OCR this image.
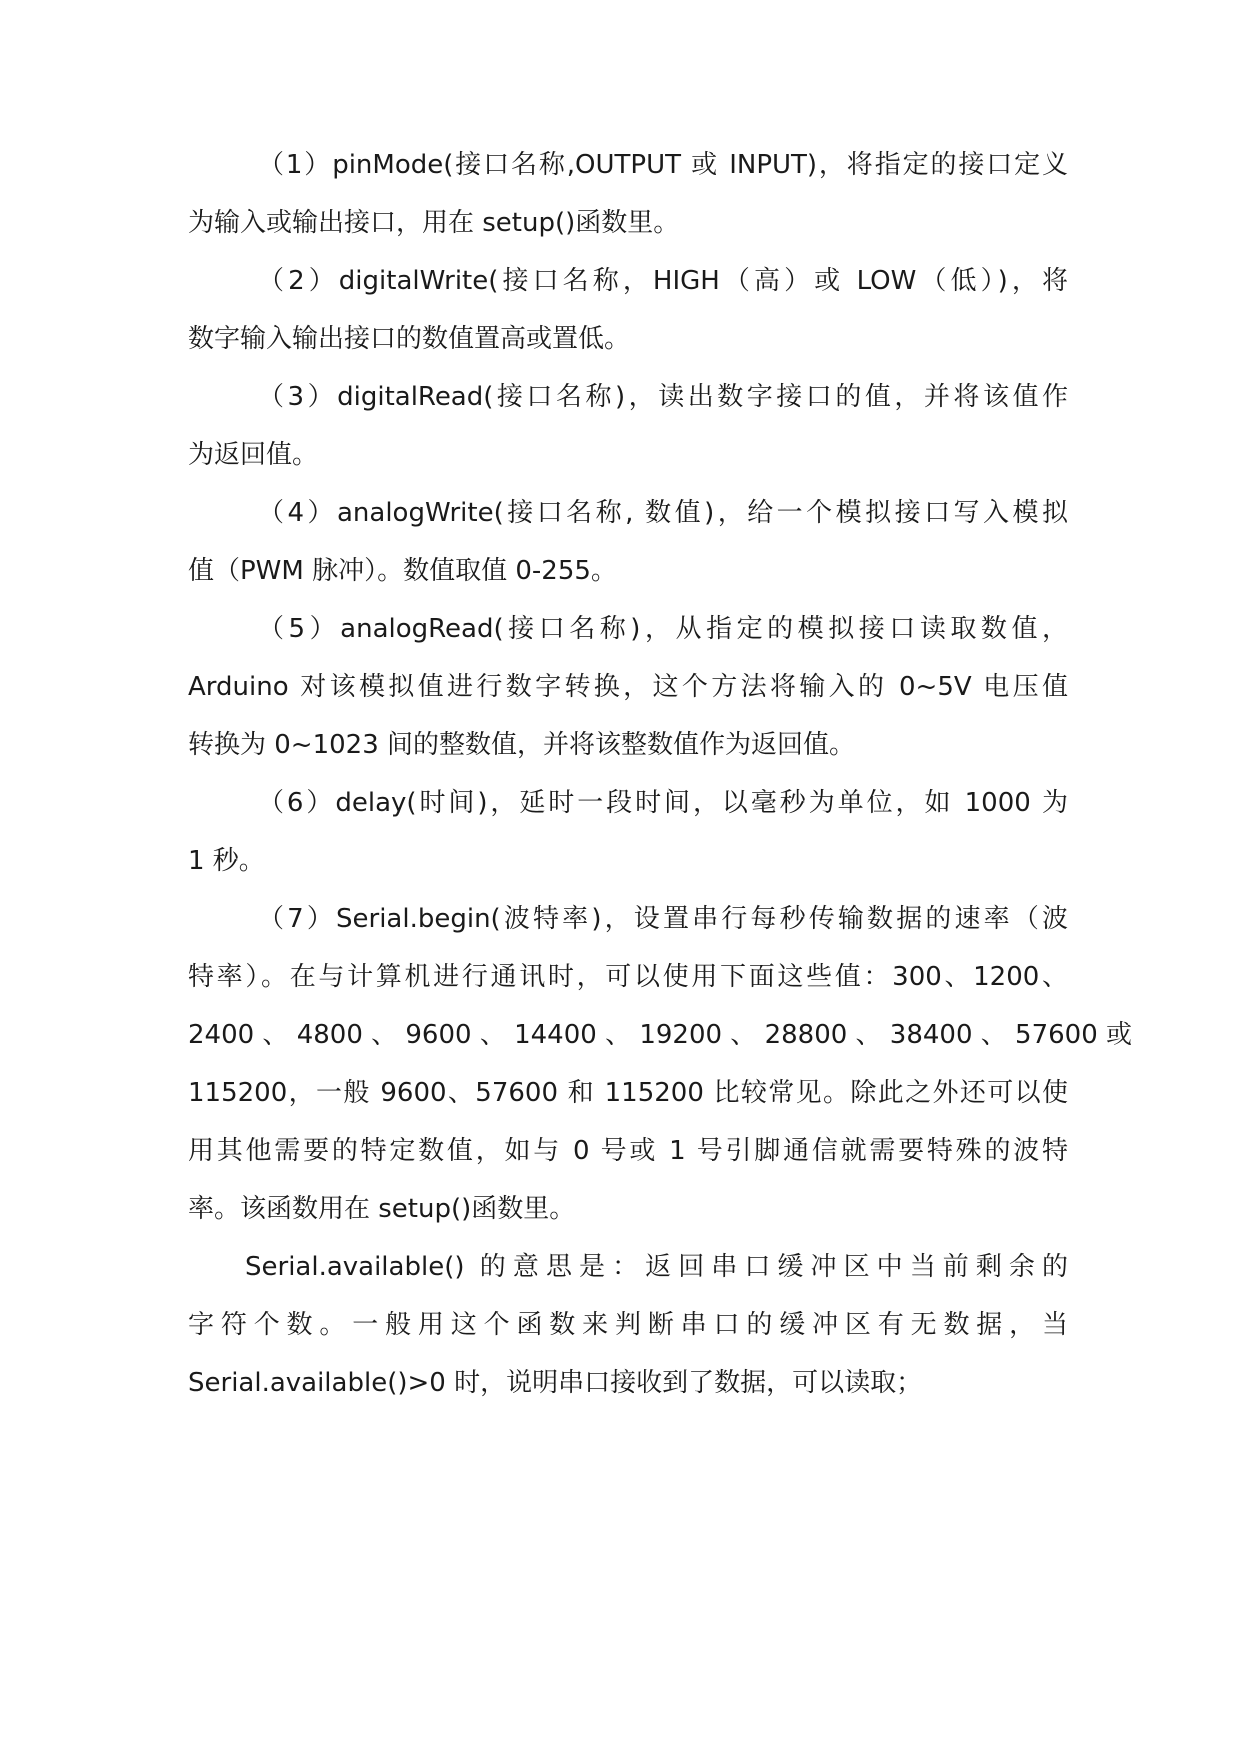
（1）pinMode(接口名称,OUTPUT 或 INPUT)，将指定的接口定义
为输入或输出接口，用在 setup()函数里。
（2）digitalWrite(接口名称，HIGH（高）或 LOW（低）)，将
数字输入输出接口的数值置高或置低。
（3）digitalRead(接口名称)，读出数字接口的值，并将该值作
为返回值。
（4）analogWrite(接口名称, 数值)，给一个模拟接口写入模拟
值（PWM 脉冲）。数值取值 0-255。
（5）analogRead(接口名称)，从指定的模拟接口读取数值，
Arduino 对该模拟值进行数字转换，这个方法将输入的 0~5V 电压值
转换为 0~1023 间的整数值，并将该整数值作为返回值。
（6）delay(时间)，延时一段时间，以毫秒为单位，如 1000 为
1 秒。
（7）Serial.begin(波特率)，设置串行每秒传输数据的速率（波
特率）。在与计算机进行通讯时，可以使用下面这些值：300、1200、
2400 、 4800 、 9600 、 14400 、 19200 、 28800 、 38400 、 57600 或
115200，一般 9600、57600 和 115200 比较常见。除此之外还可以使
用其他需要的特定数值，如与 0 号或 1 号引脚通信就需要特殊的波特
率。该函数用在 setup()函数里。
Serial.available() 的意思是：返回串口缓冲区中当前剩余的
字符个数。一般用这个函数来判断串口的缓冲区有无数据，当
Serial.available()>0 时，说明串口接收到了数据，可以读取；
